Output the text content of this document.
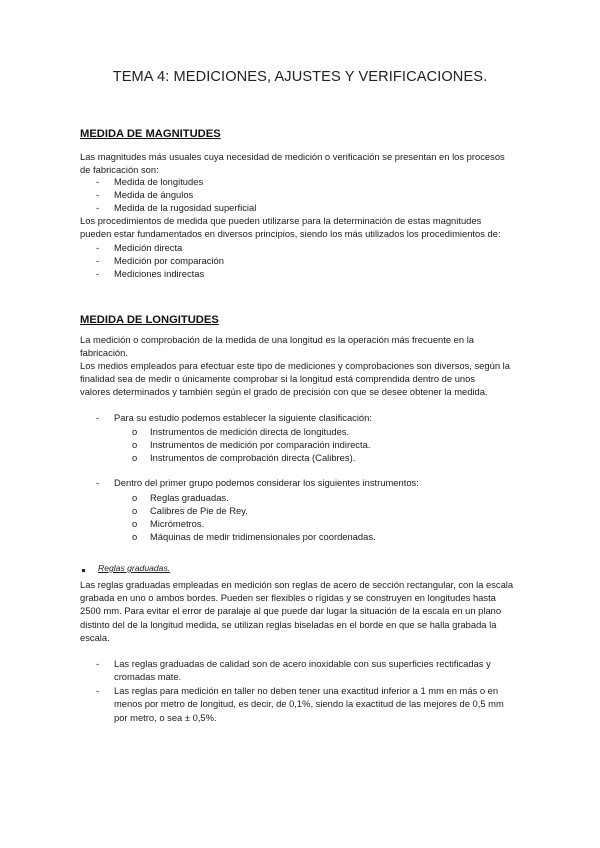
TEMA 4: MEDICIONES, AJUSTES Y VERIFICACIONES.
MEDIDA DE MAGNITUDES
Las magnitudes más usuales cuya necesidad de medición o verificación se presentan en los procesos
de fabricación son:
- Medida de longitudes
- Medida de ángulos
- Medida de la rugosidad superficial
Los procedimientos de medida que pueden utilizarse para la determinación de estas magnitudes
pueden estar fundamentados en diversos principios, siendo los más utilizados los procedimientos de:
- Medición directa
- Medición por comparación
- Mediciones indirectas
MEDIDA DE LONGITUDES
La medición o comprobación de la medida de una longitud es la operación más frecuente en la
fabricación.
Los medios empleados para efectuar este tipo de mediciones y comprobaciones son diversos, según la
finalidad sea de medir o únicamente comprobar si la longitud está comprendida dentro de unos
valores determinados y también según el grado de precisión con que se desee obtener la medida.
- Para su estudio podemos establecer la siguiente clasificación:
o Instrumentos de medición directa de longitudes.
o Instrumentos de medición por comparación indirecta.
o Instrumentos de comprobación directa (Calibres).
- Dentro del primer grupo podemos considerar los siguientes instrumentos:
o Reglas graduadas.
o Calibres de Pie de Rey.
o Micrómetros.
o Máquinas de medir tridimensionales por coordenadas.
Reglas graduadas.
Las reglas graduadas empleadas en medición son reglas de acero de sección rectangular, con la escala
grabada en uno o ambos bordes. Pueden ser flexibles o rígidas y se construyen en longitudes hasta
2500 mm. Para evitar el error de paralaje al que puede dar lugar la situación de la escala en un plano
distinto del de la longitud medida, se utilizan reglas biseladas en el borde en que se halla grabada la
escala.
- Las reglas graduadas de calidad son de acero inoxidable con sus superficies rectificadas y
cromadas mate.
- Las reglas para medición en taller no deben tener una exactitud inferior a 1 mm en más o en
menos por metro de longitud, es decir, de 0,1%, siendo la exactitud de las mejores de 0,5 mm
por metro, o sea ± 0,5%.
